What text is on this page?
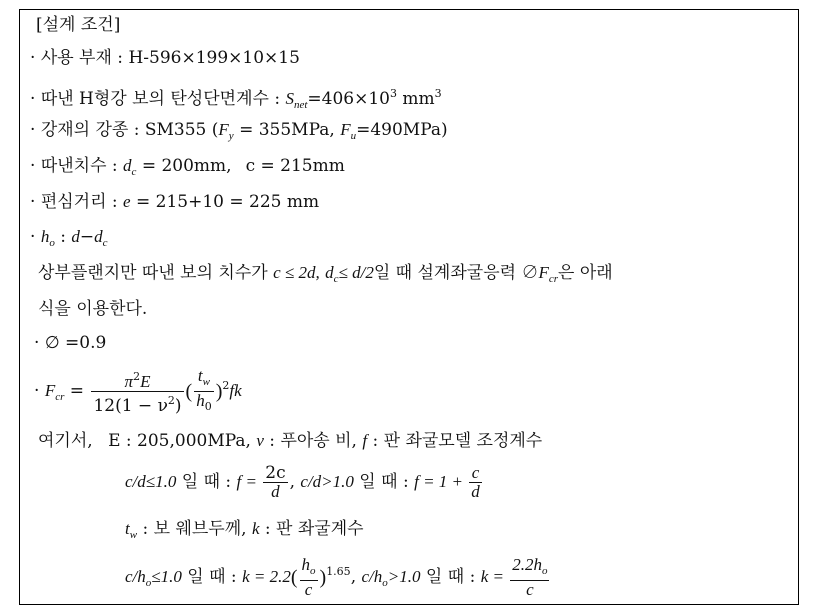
[설계 조건]
· 사용 부재 : H-596×199×10×15
· 따낸 H형강 보의 탄성단면계수 : $S_{net}=406\times 10^3$ $mm^3$
· 강재의 강종 : SM355 ($F_y = 355MPa$, $F_u=490MPa$)
· 따낸치수 : $d_c = 200mm$, c = 215mm
· 편심거리 : e = 215+10 = 225 mm
· $h_o$ : $d-d_c$
상부플랜지만 따낸 보의 치수가 c ≤ 2d, $d_c\le d/2$일 때 설계좌굴응력 $\emptyset F_{cr}$은 아래
식을 이용한다.
· ∅ =0.9
· $F_{cr} = \frac{\pi^2E}{12(1 - \nu^2)}$ ( $\frac{t_w}{h_0} )^2fk$
여기서, E : 205,000MPa, ν : 푸아송 비, f : 판 좌굴모델 조정계수
c/d≤1.0 일 때 : $f = \frac{2c}{d}$ , c/d>1.0 일 때 : $f = 1 + \frac{c}{d}$
$t_w$ : 보 웨브두께, k : 판 좌굴계수
$c/h_o\le 1.0$ 일 때 : $k = 2.2( \frac{h_o}{c} )^{1.65}$, $c/h_o>1.0$ 일 때 : $k = \frac{2.2h_o}{c}$
